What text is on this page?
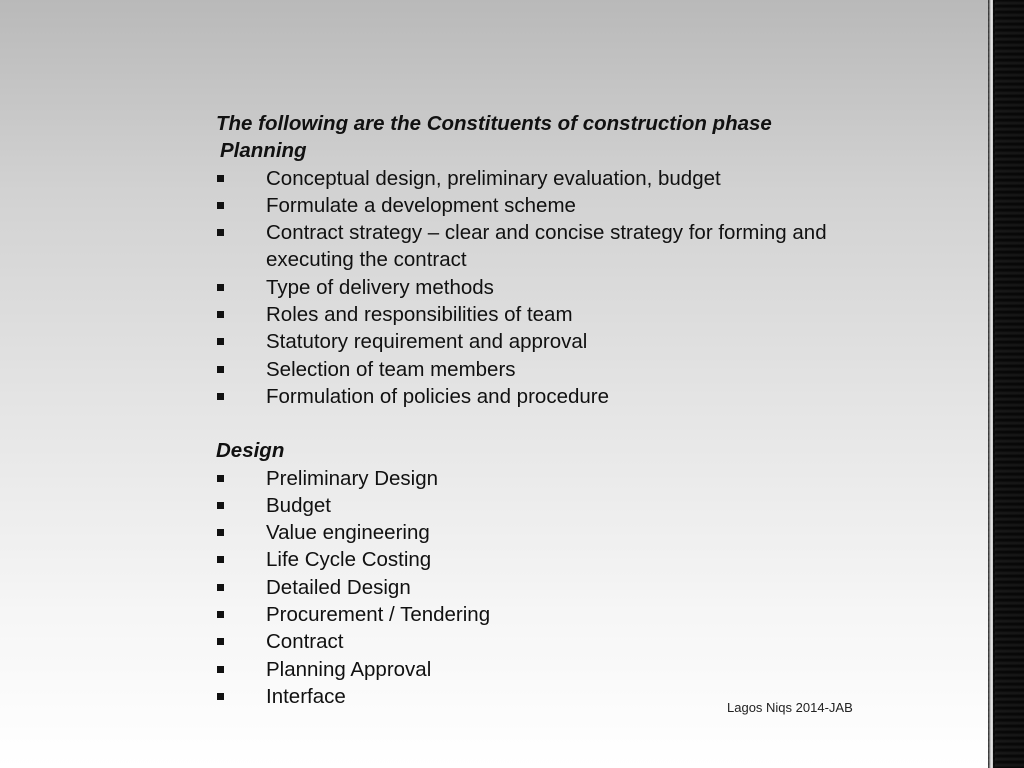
The following are the Constituents of construction phase
Planning
Conceptual design, preliminary evaluation, budget
Formulate a development scheme
Contract strategy – clear and concise strategy for forming and executing the contract
Type of delivery methods
Roles and responsibilities of team
Statutory requirement and approval
Selection of team members
Formulation of policies and procedure
Design
Preliminary Design
Budget
Value engineering
Life Cycle Costing
Detailed Design
Procurement / Tendering
Contract
Planning Approval
Interface	Lagos Niqs 2014-JAB
